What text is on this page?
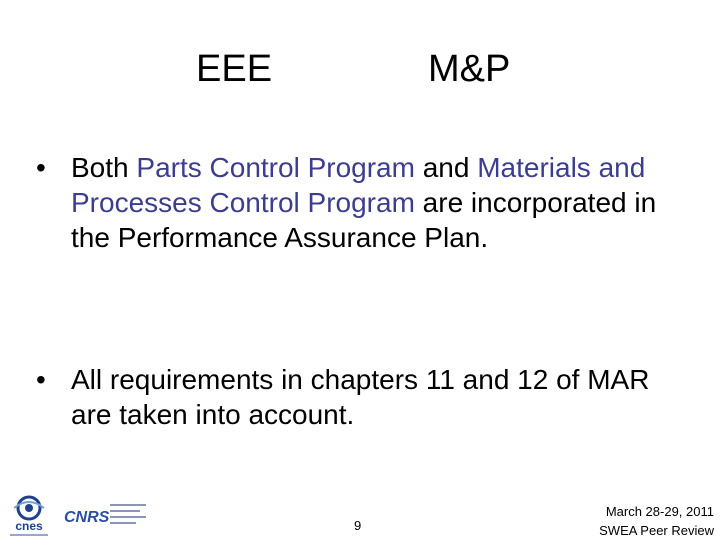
EEE	M&P
• Both Parts Control Program and Materials and Processes Control Program are incorporated in the Performance Assurance Plan.
• All requirements in chapters 11 and 12 of MAR are taken into account.
cnes CNRS	9
March 28-29, 2011
SWEA Peer Review
